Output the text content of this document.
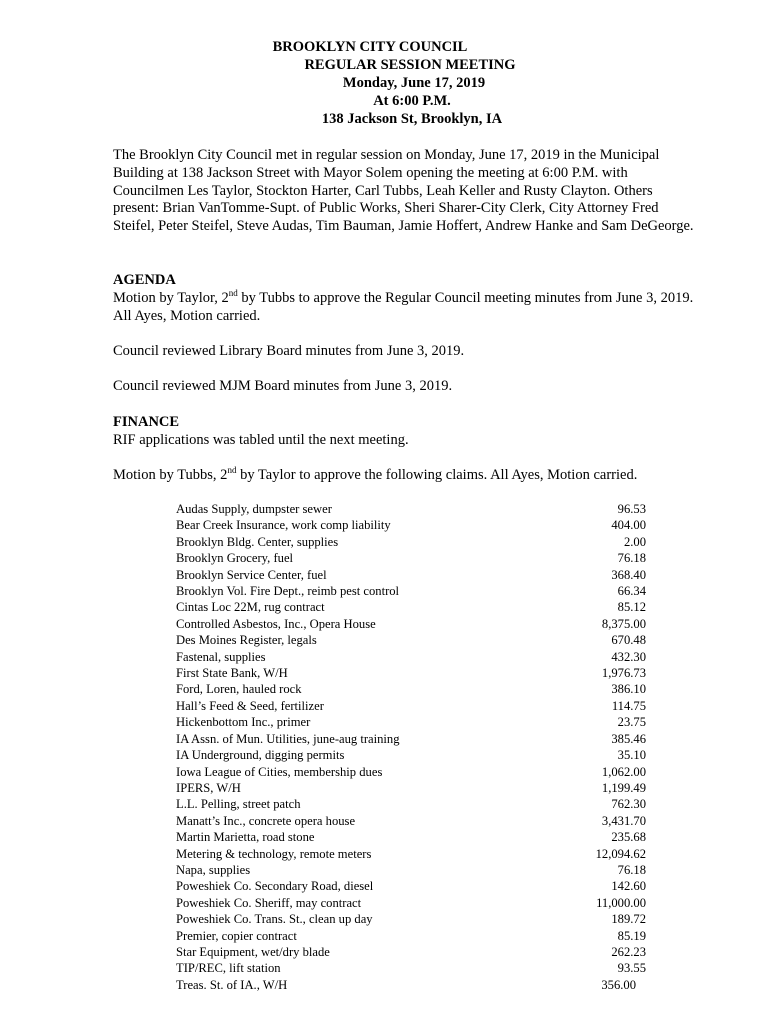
BROOKLYN CITY COUNCIL
REGULAR SESSION MEETING
Monday, June 17, 2019
At 6:00 P.M.
138 Jackson St, Brooklyn, IA
The Brooklyn City Council met in regular session on Monday, June 17, 2019 in the Municipal Building at 138 Jackson Street with Mayor Solem opening the meeting at 6:00 P.M. with Councilmen Les Taylor, Stockton Harter, Carl Tubbs, Leah Keller and Rusty Clayton. Others present: Brian VanTomme-Supt. of Public Works, Sheri Sharer-City Clerk, City Attorney Fred Steifel, Peter Steifel, Steve Audas, Tim Bauman, Jamie Hoffert, Andrew Hanke and Sam DeGeorge.
AGENDA
Motion by Taylor, 2nd by Tubbs to approve the Regular Council meeting minutes from June 3, 2019. All Ayes, Motion carried.
Council reviewed Library Board minutes from June 3, 2019.
Council reviewed MJM Board minutes from June 3, 2019.
FINANCE
RIF applications was tabled until the next meeting.
Motion by Tubbs, 2nd by Taylor to approve the following claims. All Ayes, Motion carried.
Audas Supply, dumpster sewer	96.53
Bear Creek Insurance, work comp liability	404.00
Brooklyn Bldg. Center, supplies	2.00
Brooklyn Grocery, fuel	76.18
Brooklyn Service Center, fuel	368.40
Brooklyn Vol. Fire Dept., reimb pest control	66.34
Cintas Loc 22M, rug contract	85.12
Controlled Asbestos, Inc., Opera House	8,375.00
Des Moines Register, legals	670.48
Fastenal, supplies	432.30
First State Bank, W/H	1,976.73
Ford, Loren, hauled rock	386.10
Hall’s Feed & Seed, fertilizer	114.75
Hickenbottom Inc., primer	23.75
IA Assn. of Mun. Utilities, june-aug training	385.46
IA Underground, digging permits	35.10
Iowa League of Cities, membership dues	1,062.00
IPERS, W/H	1,199.49
L.L. Pelling, street patch	762.30
Manatt’s Inc., concrete opera house	3,431.70
Martin Marietta, road stone	235.68
Metering & technology, remote meters	12,094.62
Napa, supplies	76.18
Poweshiek Co. Secondary Road, diesel	142.60
Poweshiek Co. Sheriff, may contract	11,000.00
Poweshiek Co. Trans. St., clean up day	189.72
Premier, copier contract	85.19
Star Equipment, wet/dry blade	262.23
TIP/REC, lift station	93.55
Treas. St. of IA., W/H	356.00
